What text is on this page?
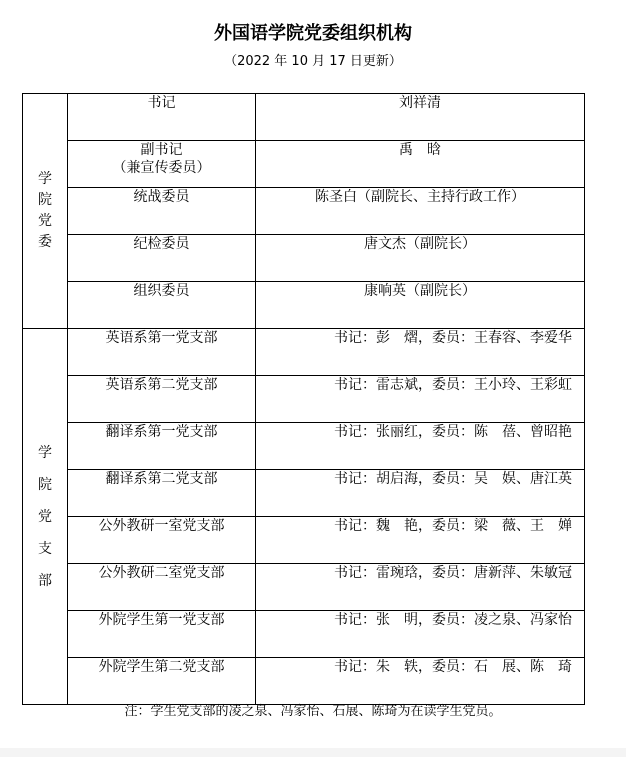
外国语学院党委组织机构
（2022 年 10 月 17 日更新）
学
院
党
委	书记	刘祥清

	副书记
（兼宣传委员）	禹　晗

	统战委员	陈圣白（副院长、主持行政工作）

	纪检委员	唐文杰（副院长）

	组织委员	康响英（副院长）

学
院
党
支
部	英语系第一党支部	书记：彭　熠，委员：王春容、李爱华

	英语系第二党支部	书记：雷志斌，委员：王小玲、王彩虹

	翻译系第一党支部	书记：张丽红，委员：陈　蓓、曾昭艳

	翻译系第二党支部	书记：胡启海，委员：吴　娱、唐江英

	公外教研一室党支部	书记：魏　艳，委员：梁　薇、王　婵

	公外教研二室党支部	书记：雷琬琀，委员：唐新萍、朱敏冠

	外院学生第一党支部	书记：张　明，委员：凌之泉、冯家怡

	外院学生第二党支部	书记：朱　轶，委员：石　展、陈　琦
注：学生党支部的凌之泉、冯家怡、石展、陈琦为在读学生党员。
